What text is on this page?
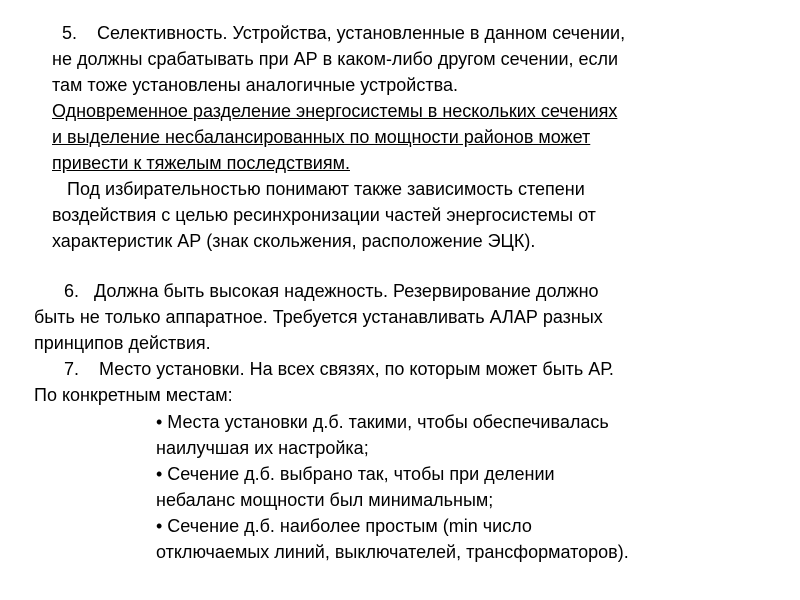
5.    Селективность. Устройства, установленные в данном сечении,
не должны срабатывать при АР в каком-либо другом сечении, если
там тоже установлены аналогичные устройства.
Одновременное разделение энергосистемы в нескольких сечениях
и выделение несбалансированных по мощности районов может
привести к тяжелым последствиям.
Под избирательностью понимают также зависимость степени
воздействия с целью ресинхронизации частей энергосистемы от
характеристик АР (знак скольжения, расположение ЭЦК).
6.   Должна быть высокая надежность. Резервирование должно
быть не только аппаратное. Требуется устанавливать АЛАР разных
принципов действия.
7.    Место установки. На всех связях, по которым может быть АР.
По конкретным местам:
• Места установки д.б. такими, чтобы обеспечивалась
наилучшая их настройка;
• Сечение д.б. выбрано так, чтобы при делении
небаланс мощности был минимальным;
• Сечение д.б. наиболее простым (min число
отключаемых линий, выключателей, трансформаторов).
